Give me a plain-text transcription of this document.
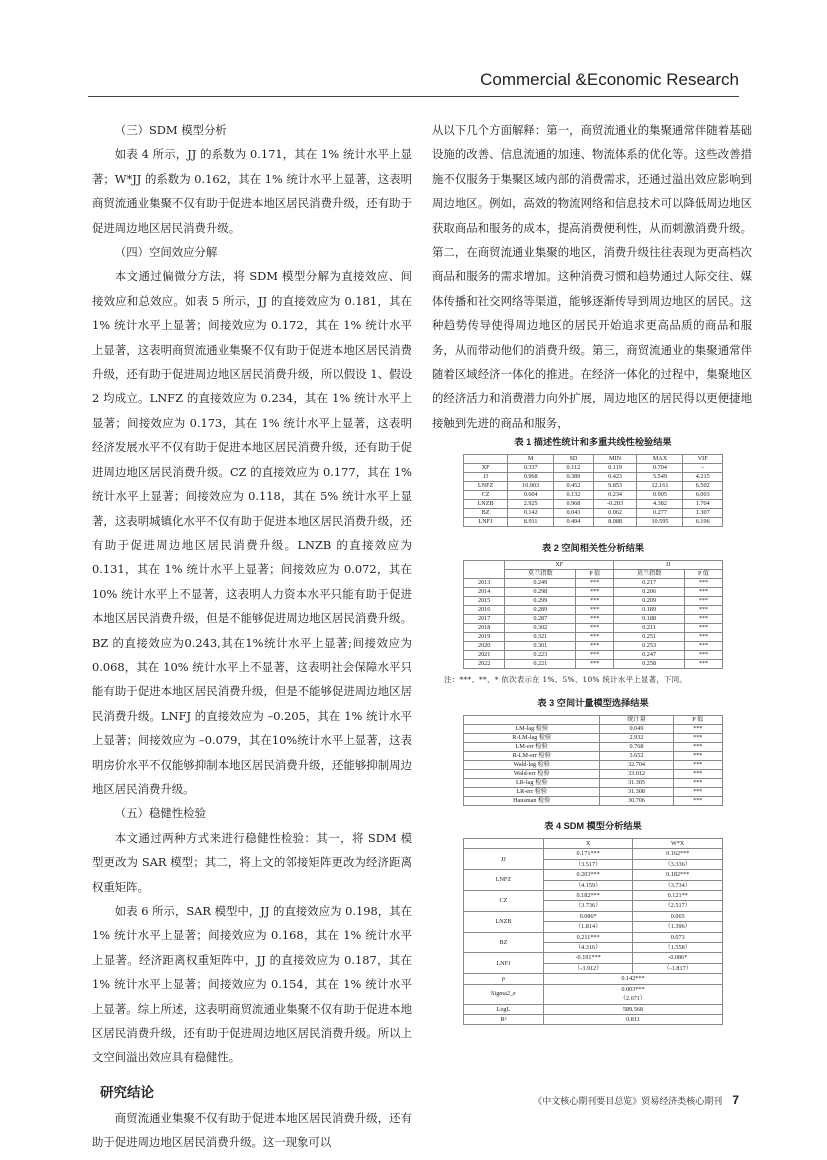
Commercial &Economic Research
（三）SDM 模型分析

如表 4 所示，JJ 的系数为 0.171，其在 1% 统计水平上显著；W*JJ 的系数为 0.162，其在 1% 统计水平上显著，这表明商贸流通业集聚不仅有助于促进本地区居民消费升级，还有助于促进周边地区居民消费升级。

（四）空间效应分解

本文通过偏微分方法，将 SDM 模型分解为直接效应、间接效应和总效应。如表 5 所示，JJ 的直接效应为 0.181，其在 1% 统计水平上显著；间接效应为 0.172，其在 1% 统计水平上显著，这表明商贸流通业集聚不仅有助于促进本地区居民消费升级，还有助于促进周边地区居民消费升级，所以假设 1、假设 2 均成立。LNFZ 的直接效应为 0.234，其在 1% 统计水平上显著；间接效应为 0.173，其在 1% 统计水平上显著，这表明经济发展水平不仅有助于促进本地区居民消费升级，还有助于促进周边地区居民消费升级。CZ 的直接效应为 0.177，其在 1% 统计水平上显著；间接效应为 0.118，其在 5% 统计水平上显著，这表明城镇化水平不仅有助于促进本地区居民消费升级，还有助于促进周边地区居民消费升级。LNZB 的直接效应为 0.131，其在 1% 统计水平上显著；间接效应为 0.072，其在 10% 统计水平上不显著，这表明人力资本水平只能有助于促进本地区居民消费升级，但是不能够促进周边地区居民消费升级。BZ 的直接效应为0.243,其在1%统计水平上显著;间接效应为0.068，其在 10% 统计水平上不显著，这表明社会保障水平只能有助于促进本地区居民消费升级，但是不能够促进周边地区居民消费升级。LNFJ 的直接效应为 –0.205，其在 1% 统计水平上显著；间接效应为 –0.079，其在10%统计水平上显著，这表明房价水平不仅能够抑制本地区居民消费升级，还能够抑制周边地区居民消费升级。

（五）稳健性检验

本文通过两种方式来进行稳健性检验：其一，将 SDM 模型更改为 SAR 模型；其二，将上文的邻接矩阵更改为经济距离权重矩阵。

如表 6 所示，SAR 模型中，JJ 的直接效应为 0.198，其在 1% 统计水平上显著；间接效应为 0.168，其在 1% 统计水平上显著。经济距离权重矩阵中，JJ 的直接效应为 0.187，其在 1% 统计水平上显著；间接效应为 0.154，其在 1% 统计水平上显著。综上所述，这表明商贸流通业集聚不仅有助于促进本地区居民消费升级，还有助于促进周边地区居民消费升级。所以上文空间溢出效应具有稳健性。

研究结论

商贸流通业集聚不仅有助于促进本地区居民消费升级，还有助于促进周边地区居民消费升级。这一现象可以

从以下几个方面解释：第一，商贸流通业的集聚通常伴随着基础设施的改善、信息流通的加速、物流体系的优化等。这些改善措施不仅服务于集聚区域内部的消费需求，还通过溢出效应影响到周边地区。例如，高效的物流网络和信息技术可以降低周边地区获取商品和服务的成本，提高消费便利性，从而刺激消费升级。第二，在商贸流通业集聚的地区，消费升级往往表现为更高档次商品和服务的需求增加。这种消费习惯和趋势通过人际交往、媒体传播和社交网络等渠道，能够逐渐传导到周边地区的居民。这种趋势传导使得周边地区的居民开始追求更高品质的商品和服务，从而带动他们的消费升级。第三，商贸流通业的集聚通常伴随着区域经济一体化的推进。在经济一体化的过程中，集聚地区的经济活力和消费潜力向外扩展，周边地区的居民得以更便捷地接触到先进的商品和服务，

表 1 描述性统计和多重共线性检验结果
	M	SD	MIN	MAX	VIF
XF	0.337	0.112	0.119	0.704	–
JJ	0.968	0.389	0.423	5.549	4.215
LNFZ	10.903	0.452	9.853	12.161	6.502
CZ	0.604	0.132	0.234	0.905	6.003
LNZB	2.925	0.968	-0.203	4.382	1.704
BZ	0.142	0.043	0.062	0.277	1.307
LNFJ	8.911	0.494	8.088	10.595	6.196
表 2 空间相关性分析结果
	XF		JJ	
	莫兰指数	P 值	莫兰指数	P 值
2013	0.249	***	0.217	***
2014	0.298	***	0.206	***
2015	0.299	***	0.209	***
2016	0.289	***	0.189	***
2017	0.287	***	0.188	***
2018	0.302	***	0.211	***
2019	0.321	***	0.251	***
2020	0.301	***	0.253	***
2021	0.223	***	0.247	***
2022	0.221	***	0.258	***
注：***、**、* 依次表示在 1%、5%、10% 统计水平上显著，下同。
表 3 空间计量模型选择结果
	统计量	P 值
LM-lag 检验	0.049	***
R-LM-lag 检验	2.932	***
LM-err 检验	0.768	***
R-LM-err 检验	3.652	***
Wald-lag 检验	32.704	***
Wald-err 检验	33.012	***
LR-lag 检验	31.305	***
LR-err 检验	31.308	***
Hausman 检验	30.706	***
表 4 SDM 模型分析结果
	X	W*X
JJ	0.171***	0.162***
	（3.517）	（3.336）
LNFZ	0.203***	0.182***
	（4.159）	（3.734）
CZ	0.182***	0.121**
	（3.736）	（2.517）
LNZB	0.086*	0.065
	（1.814）	（1.396）
BZ	0.211***	0.073
	（4.316）	（1.558）
LNFJ	-0.191***	-0.086*
	（-3.912）	（-1.817）
ρ	0.142***	
Sigma2_e	0.003***
（2.671）	
LogL	589.568	
R²	0.811	
《中文核心期刊要目总览》贸易经济类核心期刊 7
